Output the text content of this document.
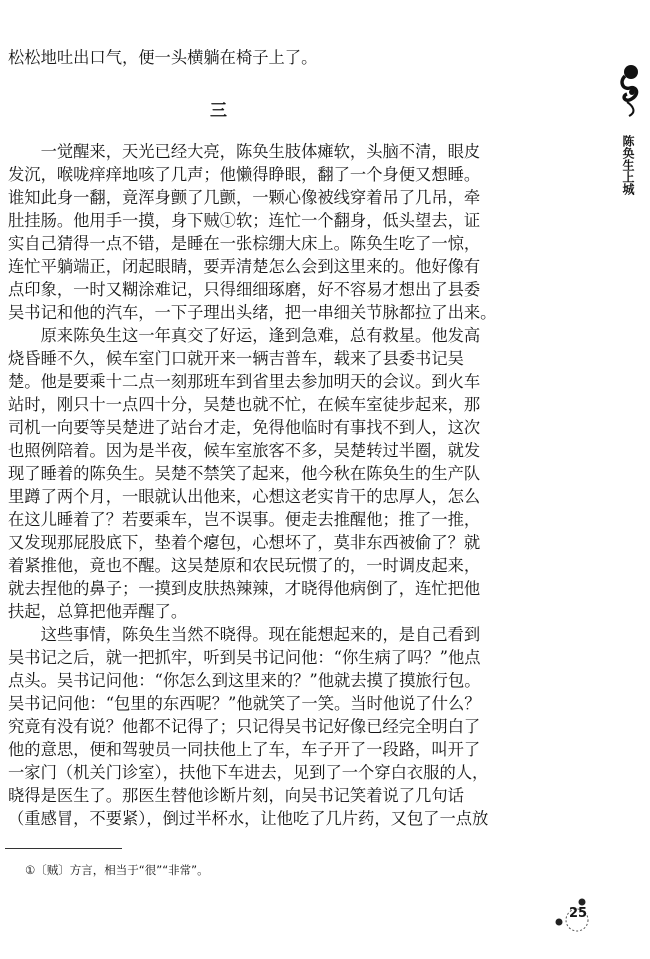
松松地吐出口气，便一头横躺在椅子上了。
三
陈奂生上城
　　一觉醒来，天光已经大亮，陈奂生肢体瘫软，头脑不清，眼皮
发沉，喉咙痒痒地咳了几声；他懒得睁眼，翻了一个身便又想睡。
谁知此身一翻，竟浑身颤了几颤，一颗心像被线穿着吊了几吊，牵
肚挂肠。他用手一摸，身下贼①软；连忙一个翻身，低头望去，证
实自己猜得一点不错，是睡在一张棕绷大床上。陈奂生吃了一惊，
连忙平躺端正，闭起眼睛，要弄清楚怎么会到这里来的。他好像有
点印象，一时又糊涂难记，只得细细琢磨，好不容易才想出了县委
吴书记和他的汽车，一下子理出头绪，把一串细关节脉都拉了出来。
　　原来陈奂生这一年真交了好运，逢到急难，总有救星。他发高
烧昏睡不久，候车室门口就开来一辆吉普车，载来了县委书记吴
楚。他是要乘十二点一刻那班车到省里去参加明天的会议。到火车
站时，刚只十一点四十分，吴楚也就不忙，在候车室徒步起来，那
司机一向要等吴楚进了站台才走，免得他临时有事找不到人，这次
也照例陪着。因为是半夜，候车室旅客不多，吴楚转过半圈，就发
现了睡着的陈奂生。吴楚不禁笑了起来，他今秋在陈奂生的生产队
里蹲了两个月，一眼就认出他来，心想这老实肯干的忠厚人，怎么
在这儿睡着了？若要乘车，岂不误事。便走去推醒他；推了一推，
又发现那屁股底下，垫着个瘪包，心想坏了，莫非东西被偷了？就
着紧推他，竟也不醒。这吴楚原和农民玩惯了的，一时调皮起来，
就去捏他的鼻子；一摸到皮肤热辣辣，才晓得他病倒了，连忙把他
扶起，总算把他弄醒了。
　　这些事情，陈奂生当然不晓得。现在能想起来的，是自己看到
吴书记之后，就一把抓牢，听到吴书记问他：“你生病了吗？”他点
点头。吴书记问他：“你怎么到这里来的？”他就去摸了摸旅行包。
吴书记问他：“包里的东西呢？”他就笑了一笑。当时他说了什么？
究竟有没有说？他都不记得了；只记得吴书记好像已经完全明白了
他的意思，便和驾驶员一同扶他上了车，车子开了一段路，叫开了
一家门（机关门诊室），扶他下车进去，见到了一个穿白衣服的人，
晓得是医生了。那医生替他诊断片刻，向吴书记笑着说了几句话
（重感冒，不要紧），倒过半杯水，让他吃了几片药，又包了一点放
①〔贼〕方言，相当于“很”“非常”。
25
